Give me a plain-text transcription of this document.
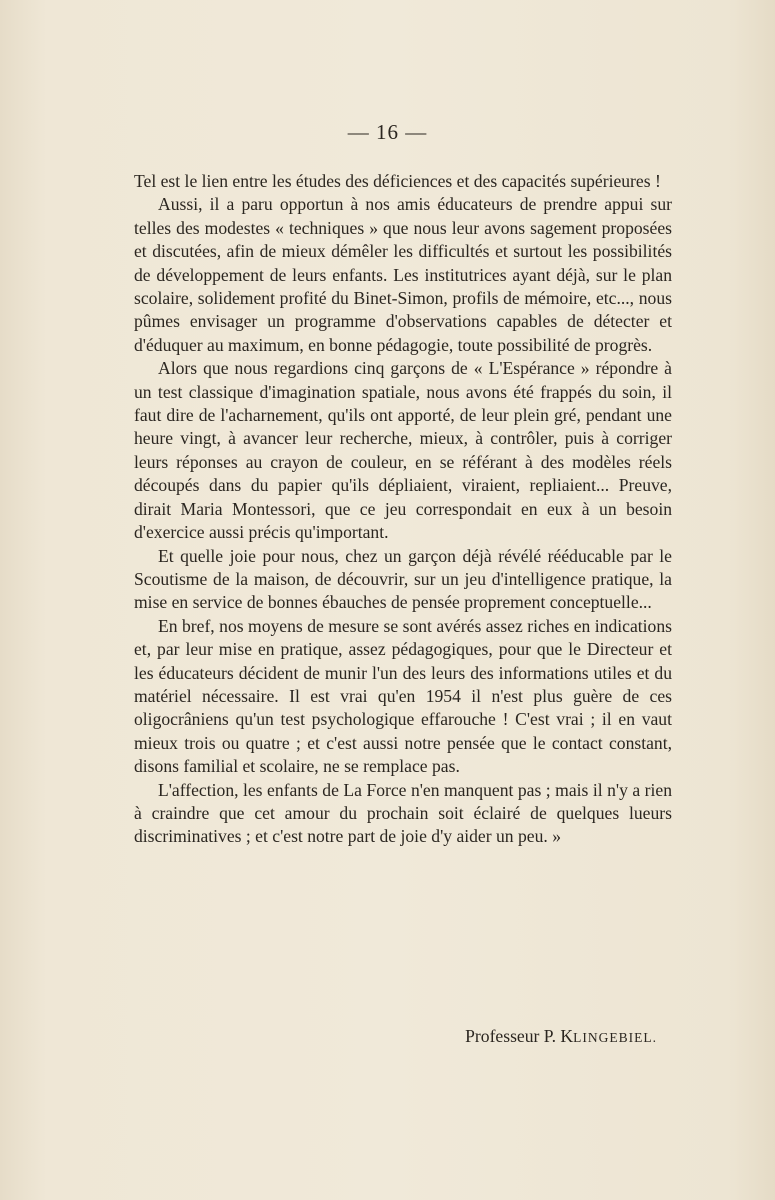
— 16 —

Tel est le lien entre les études des déficiences et des capacités supérieures !

Aussi, il a paru opportun à nos amis éducateurs de prendre appui sur telles des modestes « techniques » que nous leur avons sagement proposées et discutées, afin de mieux démêler les difficultés et surtout les possibilités de développement de leurs enfants. Les institutrices ayant déjà, sur le plan scolaire, solidement profité du Binet-Simon, profils de mémoire, etc..., nous pûmes envisager un programme d'observations capables de détecter et d'éduquer au maximum, en bonne pédagogie, toute possibilité de progrès.

Alors que nous regardions cinq garçons de « L'Espérance » répondre à un test classique d'imagination spatiale, nous avons été frappés du soin, il faut dire de l'acharnement, qu'ils ont apporté, de leur plein gré, pendant une heure vingt, à avancer leur recherche, mieux, à contrôler, puis à corriger leurs réponses au crayon de couleur, en se référant à des modèles réels découpés dans du papier qu'ils dépliaient, viraient, repliaient... Preuve, dirait Maria Montessori, que ce jeu correspondait en eux à un besoin d'exercice aussi précis qu'important.

Et quelle joie pour nous, chez un garçon déjà révélé rééducable par le Scoutisme de la maison, de découvrir, sur un jeu d'intelligence pratique, la mise en service de bonnes ébauches de pensée proprement conceptuelle...

En bref, nos moyens de mesure se sont avérés assez riches en indications et, par leur mise en pratique, assez pédagogiques, pour que le Directeur et les éducateurs décident de munir l'un des leurs des informations utiles et du matériel nécessaire. Il est vrai qu'en 1954 il n'est plus guère de ces oligocrâniens qu'un test psychologique effarouche ! C'est vrai ; il en vaut mieux trois ou quatre ; et c'est aussi notre pensée que le contact constant, disons familial et scolaire, ne se remplace pas.

L'affection, les enfants de La Force n'en manquent pas ; mais il n'y a rien à craindre que cet amour du prochain soit éclairé de quelques lueurs discriminatives ; et c'est notre part de joie d'y aider un peu. »

Professeur P. KLINGEBIEL.
